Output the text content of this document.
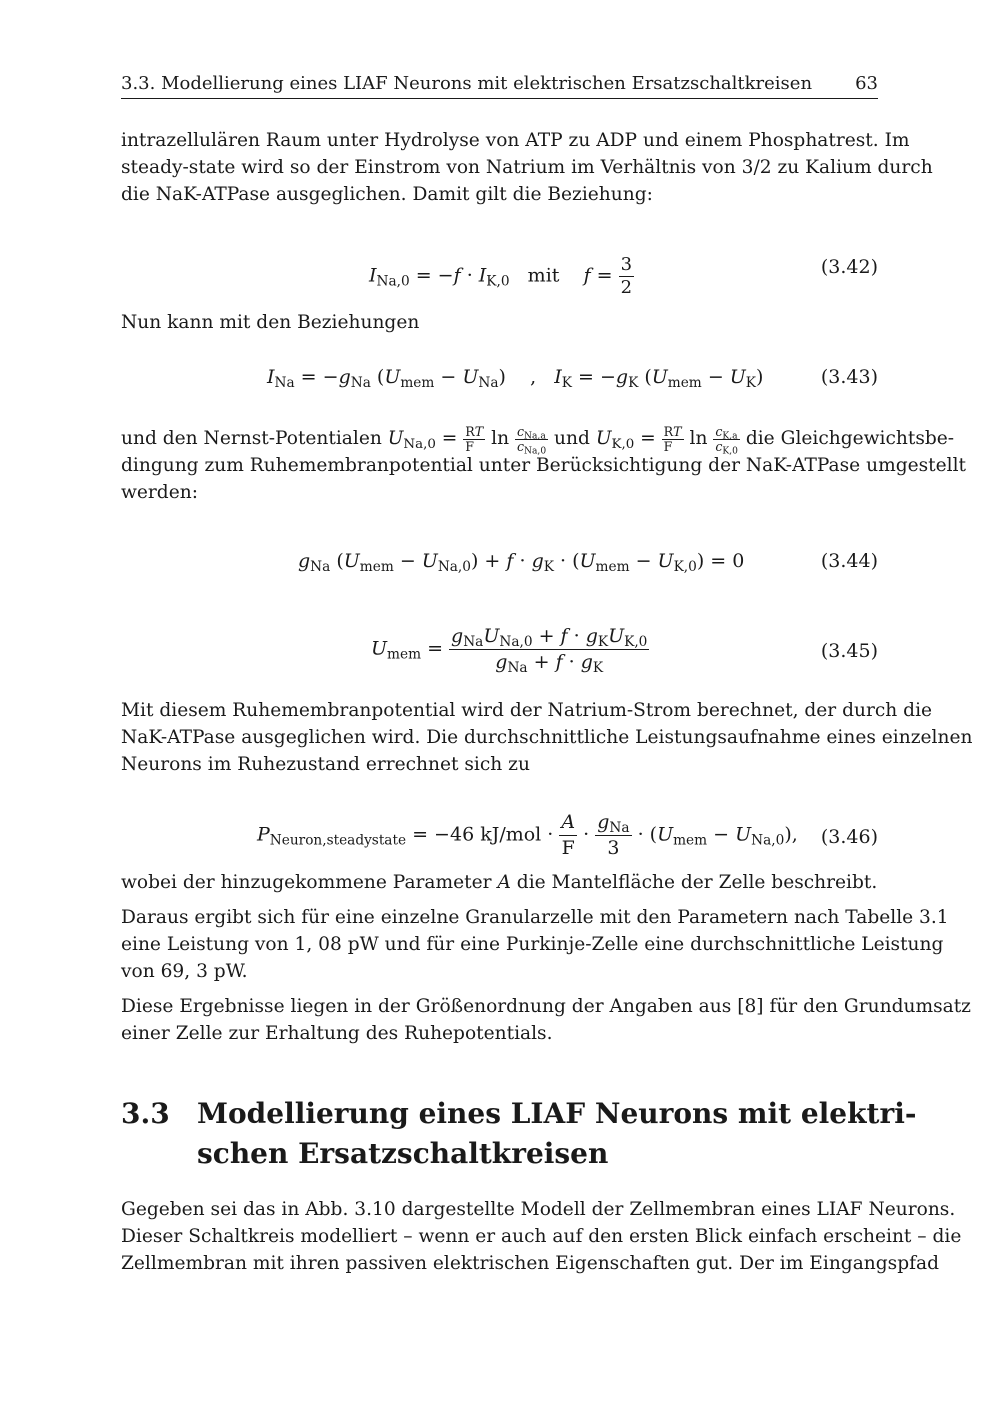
3.3. Modellierung eines LIAF Neurons mit elektrischen Ersatzschaltkreisen 63

intrazellulären Raum unter Hydrolyse von ATP zu ADP und einem Phosphatrest. Im
steady-state wird so der Einstrom von Natrium im Verhältnis von 3/2 zu Kalium durch
die NaK-ATPase ausgeglichen. Damit gilt die Beziehung:

$I_{Na,0} = -f \cdot I_{K,0}$   mit    $f = \frac{3}{2}$	(3.42)

Nun kann mit den Beziehungen

$I_{Na} = -g_{Na}$ $(U_{mem} - U_{Na})$    ,   $I_K = -g_K$ $(U_{mem} - U_K)$	(3.43)
und den Nernst-Potentialen $U_{Na,0} = \frac{RT}{F}$ $\ln \frac{c_{Na,a}}{c_{Na,0}}$ und $U_{K,0} = \frac{RT}{F}$ $\ln \frac{c_{K,a}}{c_{K,0}}$ die Gleichgewichtsbe-
dingung zum Ruhemembranpotential unter Berücksichtigung der NaK-ATPase umgestellt
werden:
$g_{Na}$ $(U_{mem} - U_{Na,0}) + f \cdot g_K \cdot (U_{mem} - U_{K,0}) = 0$	(3.44)
$U_{mem} = \frac{g_{Na}U_{Na,0} + f \cdot g_KU_{K,0}}{g_{Na} + f \cdot g_K}$	(3.45)

Mit diesem Ruhemembranpotential wird der Natrium-Strom berechnet, der durch die
NaK-ATPase ausgeglichen wird. Die durchschnittliche Leistungsaufnahme eines einzelnen
Neurons im Ruhezustand errechnet sich zu

$P_{Neuron,steadystate} = -46$ $kJ/mol \cdot \frac{A}{F} \cdot \frac{g_{Na}}{3} \cdot (U_{mem} - U_{Na,0})$, (3.46)

wobei der hinzugekommene Parameter A die Mantelfläche der Zelle beschreibt.

Daraus ergibt sich für eine einzelne Granularzelle mit den Parametern nach Tabelle 3.1
eine Leistung von 1, 08 pW und für eine Purkinje-Zelle eine durchschnittliche Leistung
von 69, 3 pW.

Diese Ergebnisse liegen in der Größenordnung der Angaben aus [8] für den Grundumsatz
einer Zelle zur Erhaltung des Ruhepotentials.

3.3 Modellierung eines LIAF Neurons mit elektri-
schen Ersatzschaltkreisen

Gegeben sei das in Abb. 3.10 dargestellte Modell der Zellmembran eines LIAF Neurons.
Dieser Schaltkreis modelliert – wenn er auch auf den ersten Blick einfach erscheint – die
Zellmembran mit ihren passiven elektrischen Eigenschaften gut. Der im Eingangspfad
